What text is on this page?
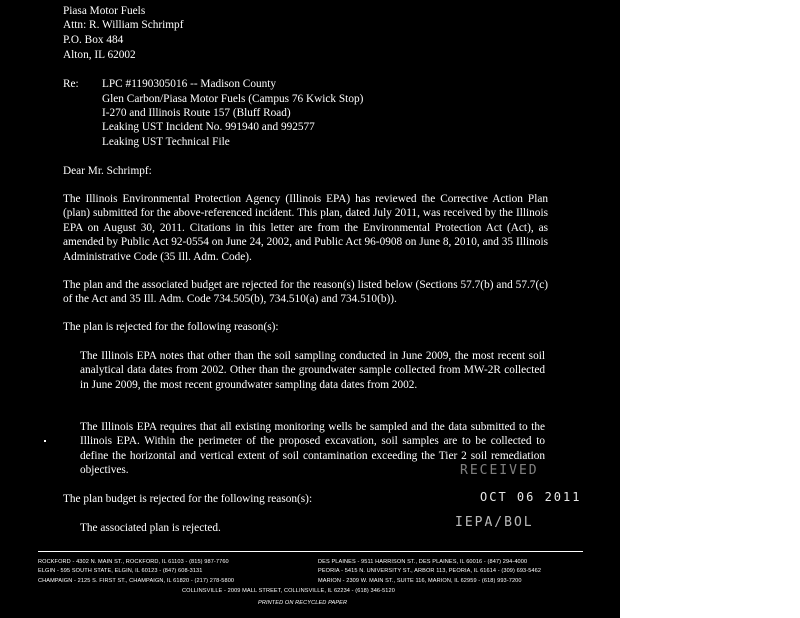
Piasa Motor Fuels
Attn: R. William Schrimpf
P.O. Box 484
Alton, IL 62002
Re: LPC #1190305016 -- Madison County
Glen Carbon/Piasa Motor Fuels (Campus 76 Kwick Stop)
I-270 and Illinois Route 157 (Bluff Road)
Leaking UST Incident No. 991940 and 992577
Leaking UST Technical File
Dear Mr. Schrimpf:
The Illinois Environmental Protection Agency (Illinois EPA) has reviewed the Corrective Action Plan (plan) submitted for the above-referenced incident. This plan, dated July 2011, was received by the Illinois EPA on August 30, 2011. Citations in this letter are from the Environmental Protection Act (Act), as amended by Public Act 92-0554 on June 24, 2002, and Public Act 96-0908 on June 8, 2010, and 35 Illinois Administrative Code (35 Ill. Adm. Code).
The plan and the associated budget are rejected for the reason(s) listed below (Sections 57.7(b) and 57.7(c) of the Act and 35 Ill. Adm. Code 734.505(b), 734.510(a) and 734.510(b)).
The plan is rejected for the following reason(s):
The Illinois EPA notes that other than the soil sampling conducted in June 2009, the most recent soil analytical data dates from 2002. Other than the groundwater sample collected from MW-2R collected in June 2009, the most recent groundwater sampling data dates from 2002.
The Illinois EPA requires that all existing monitoring wells be sampled and the data submitted to the Illinois EPA. Within the perimeter of the proposed excavation, soil samples are to be collected to define the horizontal and vertical extent of soil contamination exceeding the Tier 2 soil remediation objectives.
The plan budget is rejected for the following reason(s):
The associated plan is rejected.
RECEIVED
OCT 06 2011
IEPA/BOL
ROCKFORD - 4302 N. MAIN ST., ROCKFORD, IL 61103 - (815) 987-7760
ELGIN - 595 SOUTH STATE, ELGIN, IL 60123 - (847) 608-3131
CHAMPAIGN - 2125 S. FIRST ST., CHAMPAIGN, IL 61820 - (217) 278-5800
DES PLAINES - 9511 HARRISON ST., DES PLAINES, IL 60016 - (847) 294-4000
PEORIA - 5415 N. UNIVERSITY ST., ARBOR 113, PEORIA, IL 61614 - (309) 693-5462
MARION - 2309 W. MAIN ST., SUITE 116, MARION, IL 62959 - (618) 993-7200
COLLINSVILLE - 2009 MALL STREET, COLLINSVILLE, IL 62234 - (618) 346-5120
PRINTED ON RECYCLED PAPER
